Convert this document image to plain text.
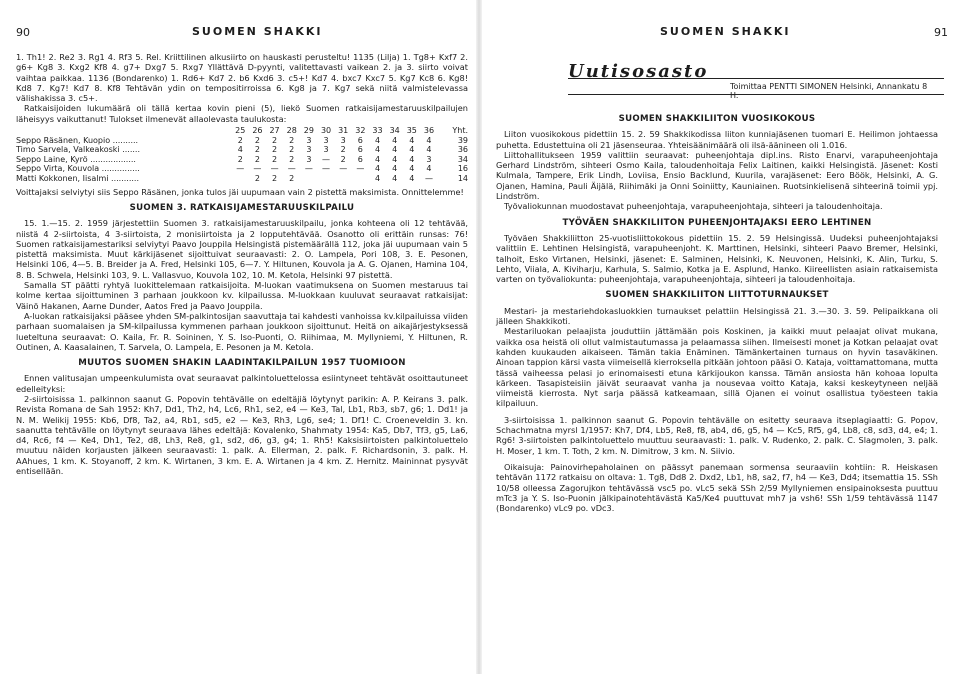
90	SUOMEN SHAKKI

1. Th1! 2. Re2 3. Rg1 4. Rf3 5. Rel. Kriittilinen alkusiirto on hauskasti perusteltu! 1135 (Lilja) 1. Tg8+ Kxf7 2. g6+ Kg8 3. Kxg2 Kf8 4. g7+ Dxg7 5. Rxg7 Yllättävä D-pyynti, valitettavasti vaikean 2. ja 3. siirto voivat vaihtaa paikkaa. 1136 (Bondarenko) 1. Rd6+ Kd7 2. b6 Kxd6 3. c5+! Kd7 4. bxc7 Kxc7 5. Kg7 Kc8 6. Kg8! Kd8 7. Kg7! Kd7 8. Kf8 Tehtävän ydin on tempositirroissa 6. Kg8 ja 7. Kg7 sekä niitä valmistelevassa välishakissa 3. c5+.

Ratkaisijoiden lukumäärä oli tällä kertaa kovin pieni (5), liekö Suomen ratkaisijamestaruuskilpailujen läheisyys vaikuttanut! Tulokset ilmenevät allaolevasta taulukosta:

	25	26	27	28	29	30	31	32	33	34	35	36	Yht.
Seppo Räsänen, Kuopio ..........	2	2	2	2	3	3	3	6	4	4	4	4	39
Timo Sarvela, Valkeakoski .......	4	2	2	2	3	3	2	6	4	4	4	4	36
Seppo Laine, Kyrö ..................	2	2	2	2	3	—	2	6	4	4	4	3	34
Seppo Virta, Kouvola ...............	—	—	—	—	—	—	—	—	4	4	4	4	16
Matti Kokkonen, Iisalmi ...........		2	2	2					4	4	4	—	14

Voittajaksi selviytyi siis Seppo Räsänen, jonka tulos jäi uupumaan vain 2 pistettä maksimista. Onnittelemme!

SUOMEN 3. RATKAISIJAMESTARUUSKILPAILU

15. 1.—15. 2. 1959 järjestettiin Suomen 3. ratkaisijamestaruuskilpailu, jonka kohteena oli 12 tehtävää, niistä 4 2-siirtoista, 4 3-siirtoista, 2 monisiirtoista ja 2 lopputehtävää. Osanotto oli erittäin runsas: 76! Suomen ratkaisijamestariksi selviytyi Paavo Jouppila Helsingistä pistemäärällä 112, joka jäi uupumaan vain 5 pistettä maksimista. Muut kärkijäsenet sijoittuivat seuraavasti: 2. O. Lampela, Pori 108, 3. E. Pesonen, Helsinki 106, 4—5. B. Breider ja A. Fred, Helsinki 105, 6—7. Y. Hiltunen, Kouvola ja A. G. Ojanen, Hamina 104, 8. B. Schwela, Helsinki 103, 9. L. Vallasvuo, Kouvola 102, 10. M. Ketola, Helsinki 97 pistettä.

Samalla ST päätti ryhtyä luokittelemaan ratkaisijoita. M-luokan vaatimuksena on Suomen mestaruus tai kolme kertaa sijoittuminen 3 parhaan joukkoon kv. kilpailussa. M-luokkaan kuuluvat seuraavat ratkaisijat: Väinö Hakanen, Aarne Dunder, Aatos Fred ja Paavo Jouppila.

A-luokan ratkaisijaksi pääsee yhden SM-palkintosijan saavuttaja tai kahdesti vanhoissa kv.kilpailuissa viiden parhaan suomalaisen ja SM-kilpailussa kymmenen parhaan joukkoon sijoittunut. Heitä on aikajärjestyksessä lueteltuna seuraavat: O. Kaila, Fr. R. Soininen, Y. S. Iso-Puonti, O. Riihimaa, M. Myllyniemi, Y. Hiltunen, R. Outinen, A. Kaasalainen, T. Sarvela, O. Lampela, E. Pesonen ja M. Ketola.

MUUTOS SUOMEN SHAKIN LAADINTAKILPAILUN 1957 TUOMIOON

Ennen valitusajan umpeenkulumista ovat seuraavat palkintoluettelossa esiintyneet tehtävät osoittautuneet edelleityksi:

2-siirtoisissa 1. palkinnon saanut G. Popovin tehtävälle on edeltäjiä löytynyt parikin: A. P. Keirans 3. palk. Revista Romana de Sah 1952: Kh7, Dd1, Th2, h4, Lc6, Rh1, se2, e4 — Ke3, Tal, Lb1, Rb3, sb7, g6; 1. Dd1! ja N. M. Welikij 1955: Kb6, Df8, Ta2, a4, Rb1, sd5, e2 — Ke3, Rh3, Lg6, se4; 1. Df1! C. Croeneveldin 3. kn. saanutta tehtävälle on löytynyt seuraava lähes edeltäjä: Kovalenko, Shahmaty 1954: Ka5, Db7, Tf3, g5, La6, d4, Rc6, f4 — Ke4, Dh1, Te2, d8, Lh3, Re8, g1, sd2, d6, g3, g4; 1. Rh5! Kaksisiirtoisten palkintoluettelo muutuu näiden korjausten jälkeen seuraavasti: 1. palk. A. Ellerman, 2. palk. F. Richardsonin, 3. palk. H. AAhues, 1 km. K. Stoyanoff, 2 km. K. Wirtanen, 3 km. E. A. Wirtanen ja 4 km. Z. Hernitz. Maininnat pysyvät entisellään.

SUOMEN SHAKKI	91
Uutisosasto
Toimittaa PENTTI SIMONEN Helsinki, Annankatu 8 H.
SUOMEN SHAKKILIITON VUOSIKOKOUS

Liiton vuosikokous pidettiin 15. 2. 59 Shakkikodissa liiton kunniajäsenen tuomari E. Heilimon johtaessa puhetta. Edustettuina oli 21 jäsenseuraa. Yhteisäänimäärä oli ilsä-äänineen oli 1.016.

Liittohallitukseen 1959 valittiin seuraavat: puheenjohtaja dipl.ins. Risto Enarvi, varapuheenjohtaja Gerhard Lindström, sihteeri Osmo Kaila, taloudenhoitaja Felix Laitinen, kaikki Helsingistä. Jäsenet: Kosti Kulmala, Tampere, Erik Lindh, Loviisa, Ensio Backlund, Kuurila, varajäsenet: Eero Böök, Helsinki, A. G. Ojanen, Hamina, Pauli Äijälä, Riihimäki ja Onni Soiniitty, Kauniainen. Ruotsinkielisenä sihteerinä toimii ypj. Lindström.

Työvaliokunnan muodostavat puheenjohtaja, varapuheenjohtaja, sihteeri ja taloudenhoitaja.

TYÖVÄEN SHAKKILIITON PUHEENJOHTAJAKSI EERO LEHTINEN

Työväen Shakkiliitton 25-vuotisliittokokous pidettiin 15. 2. 59 Helsingissä. Uudeksi puheenjohtajaksi valittiin E. Lehtinen Helsingistä, varapuheenjoht. K. Marttinen, Helsinki, sihteeri Paavo Bremer, Helsinki, talhoit, Esko Virtanen, Helsinki, jäsenet: E. Salminen, Helsinki, K. Neuvonen, Helsinki, K. Alin, Turku, S. Lehto, Viiala, A. Kiviharju, Karhula, S. Salmio, Kotka ja E. Asplund, Hanko. Kiireellisten asiain ratkaisemista varten on työvaliokunta: puheenjohtaja, varapuheenjohtaja, sihteeri ja taloudenhoitaja.

SUOMEN SHAKKILIITON LIITTOTURNAUKSET

Mestari- ja mestariehdokasluokkien turnaukset pelattiin Helsingissä 21. 3.—30. 3. 59. Pelipaikkana oli jälleen Shakkikoti.

Mestariluokan pelaajista jouduttiin jättämään pois Koskinen, ja kaikki muut pelaajat olivat mukana, vaikka osa heistä oli ollut valmistautumassa ja pelaamassa siihen. Ilmeisesti monet ja Kotkan pelaajat ovat kahden kuukauden aikaiseen. Tämän takia Enäminen. Tämänkertainen turnaus on hyvin tasaväkinen. Ainoan tappion kärsi vasta viimeisellä kierroksella pitkään johtoon pääsi O. Kataja, voittamattomana, mutta tässä vaiheessa pelasi jo erinomaisesti etuna kärkijoukon kanssa. Tämän ansiosta hän kohoaa lopulta kärkeen. Tasapisteisiin jäivät seuraavat vanha ja nousevaa voitto Kataja, kaksi keskeytyneen neljää viimeistä kierrosta. Nyt sarja päässä katkeamaan, sillä Ojanen ei voinut osallistua työesteen takia kilpailuun.

3-siirtoisissa 1. palkinnon saanut G. Popovin tehtävälle on esitetty seuraava itseplagiaatti: G. Popov, Schachmatna myrsl 1/1957: Kh7, Df4, Lb5, Re8, f8, ab4, d6, g5, h4 — Kc5, Rf5, g4, Lb8, c8, sd3, d4, e4; 1. Rg6! 3-siirtoisten palkintoluettelo muuttuu seuraavasti: 1. palk. V. Rudenko, 2. palk. C. Slagmolen, 3. palk. H. Moser, 1 km. T. Toth, 2 km. N. Dimitrow, 3 km. N. Siivio.

Oikaisuja: Painovirhepaholainen on päässyt panemaan sormensa seuraaviin kohtiin: R. Heiskasen tehtävän 1172 ratkaisu on oltava: 1. Tg8, Dd8 2. Dxd2, Lb1, h8, sa2, f7, h4 — Ke3, Dd4; itsemattia 15. SSh 10/58 olleessa Zagorujkon tehtävässä vsc5 po. vLc5 sekä SSh 2/59 Myllyniemen ensipainoksesta puuttuu mTc3 ja Y. S. Iso-Puonin jälkipainotehtävästä Ka5/Ke4 puuttuvat mh7 ja vsh6! SSh 1/59 tehtävässä 1147 (Bondarenko) vLc9 po. vDc3.
